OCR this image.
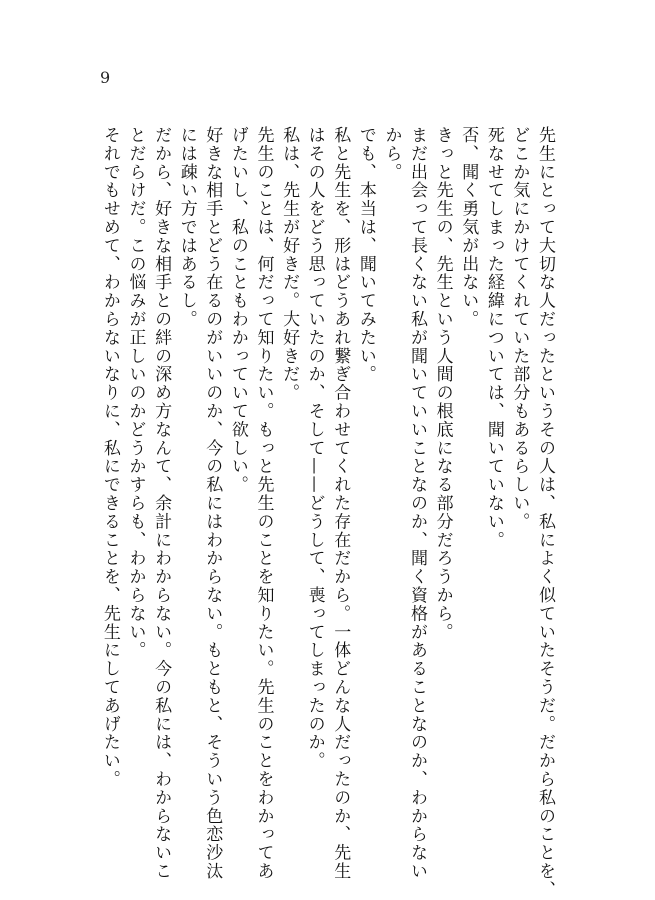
9

先生にとって大切な人だったというその人は、私によく似ていたそうだ。だから私のことを、

どこか気にかけてくれていた部分もあるらしい。

死なせてしまった経緯については、聞いていない。

否、聞く勇気が出ない。

きっと先生の、先生という人間の根底になる部分だろうから。

まだ出会って長くない私が聞いていいことなのか、聞く資格があることなのか、わからない

から。

でも、本当は、聞いてみたい。

私と先生を、形はどうあれ繋ぎ合わせてくれた存在だから。一体どんな人だったのか、先生

はその人をどう思っていたのか、そして——どうして、喪ってしまったのか。

私は、先生が好きだ。大好きだ。

先生のことは、何だって知りたい。もっと先生のことを知りたい。先生のことをわかってあ

げたいし、私のこともわかっていて欲しい。

好きな相手とどう在るのがいいのか、今の私にはわからない。もともと、そういう色恋沙汰

には疎い方ではあるし。

だから、好きな相手との絆の深め方なんて、余計にわからない。今の私には、わからないこ

とだらけだ。この悩みが正しいのかどうかすらも、わからない。

それでもせめて、わからないなりに、私にできることを、先生にしてあげたい。
